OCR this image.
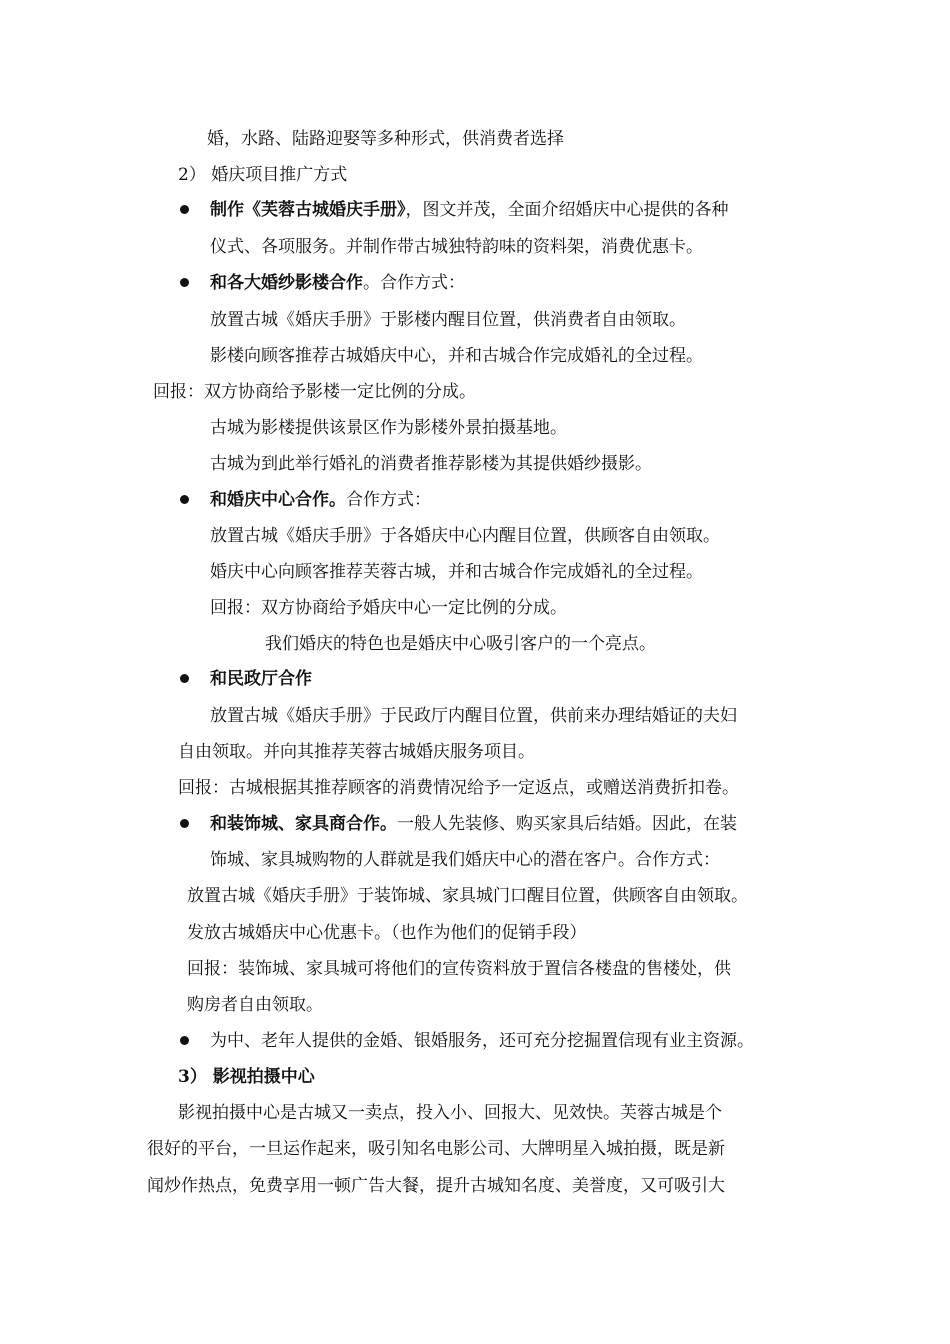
婚，水路、陆路迎娶等多种形式，供消费者选择
2） 婚庆项目推广方式
制作《芙蓉古城婚庆手册》，图文并茂，全面介绍婚庆中心提供的各种
仪式、各项服务。并制作带古城独特韵味的资料架，消费优惠卡。
和各大婚纱影楼合作。合作方式：
放置古城《婚庆手册》于影楼内醒目位置，供消费者自由领取。
影楼向顾客推荐古城婚庆中心，并和古城合作完成婚礼的全过程。
回报：双方协商给予影楼一定比例的分成。
古城为影楼提供该景区作为影楼外景拍摄基地。
古城为到此举行婚礼的消费者推荐影楼为其提供婚纱摄影。
和婚庆中心合作。合作方式：
放置古城《婚庆手册》于各婚庆中心内醒目位置，供顾客自由领取。
婚庆中心向顾客推荐芙蓉古城，并和古城合作完成婚礼的全过程。
回报：双方协商给予婚庆中心一定比例的分成。
我们婚庆的特色也是婚庆中心吸引客户的一个亮点。
和民政厅合作
放置古城《婚庆手册》于民政厅内醒目位置，供前来办理结婚证的夫妇
自由领取。并向其推荐芙蓉古城婚庆服务项目。
回报：古城根据其推荐顾客的消费情况给予一定返点，或赠送消费折扣卷。
和装饰城、家具商合作。一般人先装修、购买家具后结婚。因此，在装
饰城、家具城购物的人群就是我们婚庆中心的潜在客户。合作方式：
放置古城《婚庆手册》于装饰城、家具城门口醒目位置，供顾客自由领取。
发放古城婚庆中心优惠卡。（也作为他们的促销手段）
回报：装饰城、家具城可将他们的宣传资料放于置信各楼盘的售楼处，供
购房者自由领取。
为中、老年人提供的金婚、银婚服务，还可充分挖掘置信现有业主资源。
3） 影视拍摄中心
影视拍摄中心是古城又一卖点，投入小、回报大、见效快。芙蓉古城是个
很好的平台，一旦运作起来，吸引知名电影公司、大牌明星入城拍摄，既是新
闻炒作热点，免费享用一顿广告大餐，提升古城知名度、美誉度，又可吸引大
